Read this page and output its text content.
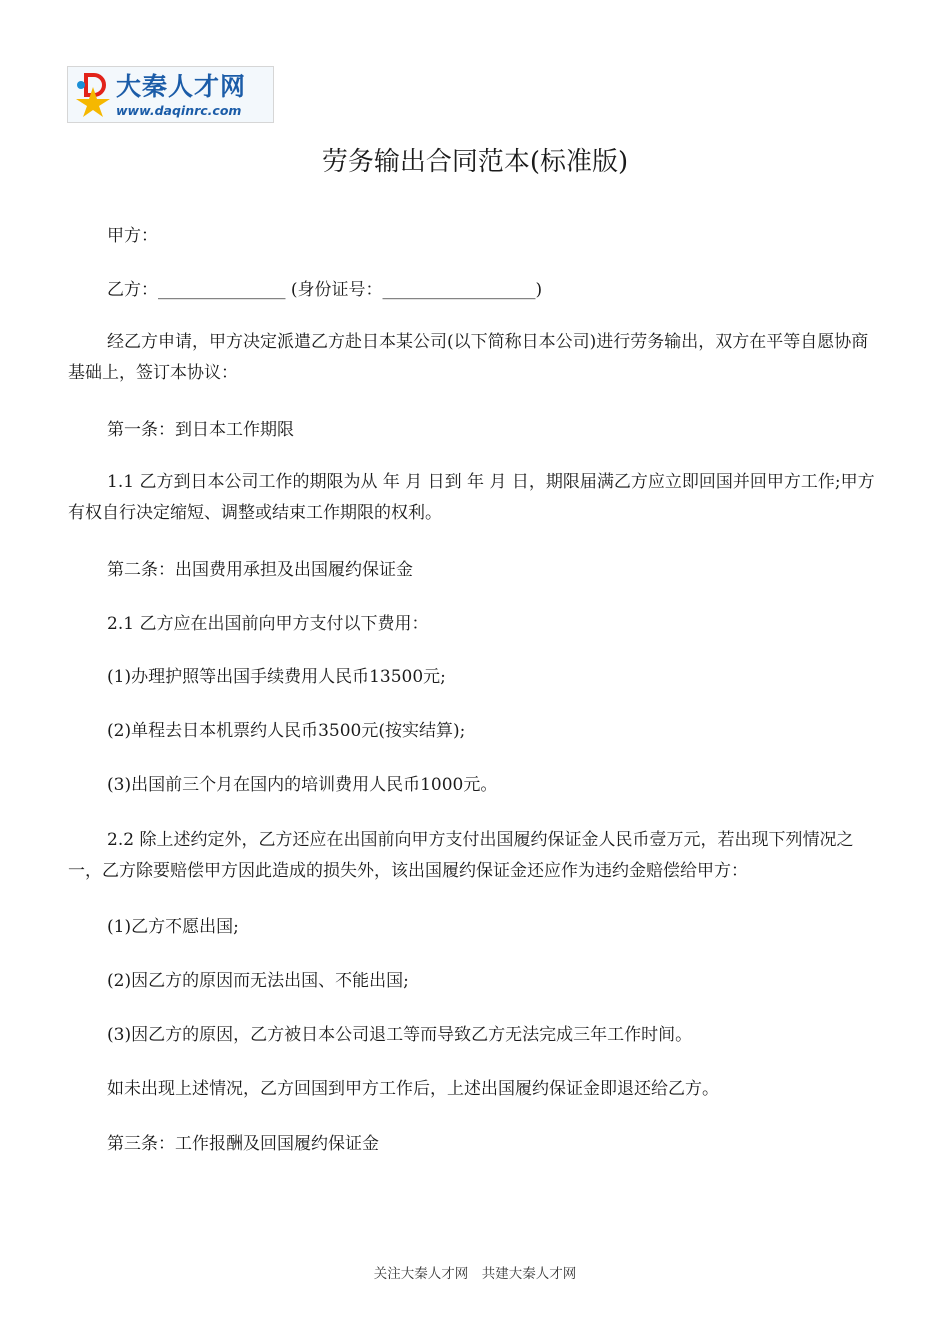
大秦人才网
www.daqinrc.com
劳务输出合同范本(标准版)

甲方：

乙方：_______________ (身份证号：__________________)

经乙方申请，甲方决定派遣乙方赴日本某公司(以下简称日本公司)进行劳务输出，双方在平等自愿协商基础上，签订本协议：

第一条：到日本工作期限

1.1 乙方到日本公司工作的期限为从 年 月 日到 年 月 日，期限届满乙方应立即回国并回甲方工作;甲方有权自行决定缩短、调整或结束工作期限的权利。

第二条：出国费用承担及出国履约保证金

2.1 乙方应在出国前向甲方支付以下费用：

(1)办理护照等出国手续费用人民币13500元;

(2)单程去日本机票约人民币3500元(按实结算);

(3)出国前三个月在国内的培训费用人民币1000元。

2.2 除上述约定外，乙方还应在出国前向甲方支付出国履约保证金人民币壹万元，若出现下列情况之一，乙方除要赔偿甲方因此造成的损失外，该出国履约保证金还应作为违约金赔偿给甲方：

(1)乙方不愿出国;

(2)因乙方的原因而无法出国、不能出国;

(3)因乙方的原因，乙方被日本公司退工等而导致乙方无法完成三年工作时间。

如未出现上述情况，乙方回国到甲方工作后，上述出国履约保证金即退还给乙方。

第三条：工作报酬及回国履约保证金

关注大秦人才网　共建大秦人才网
